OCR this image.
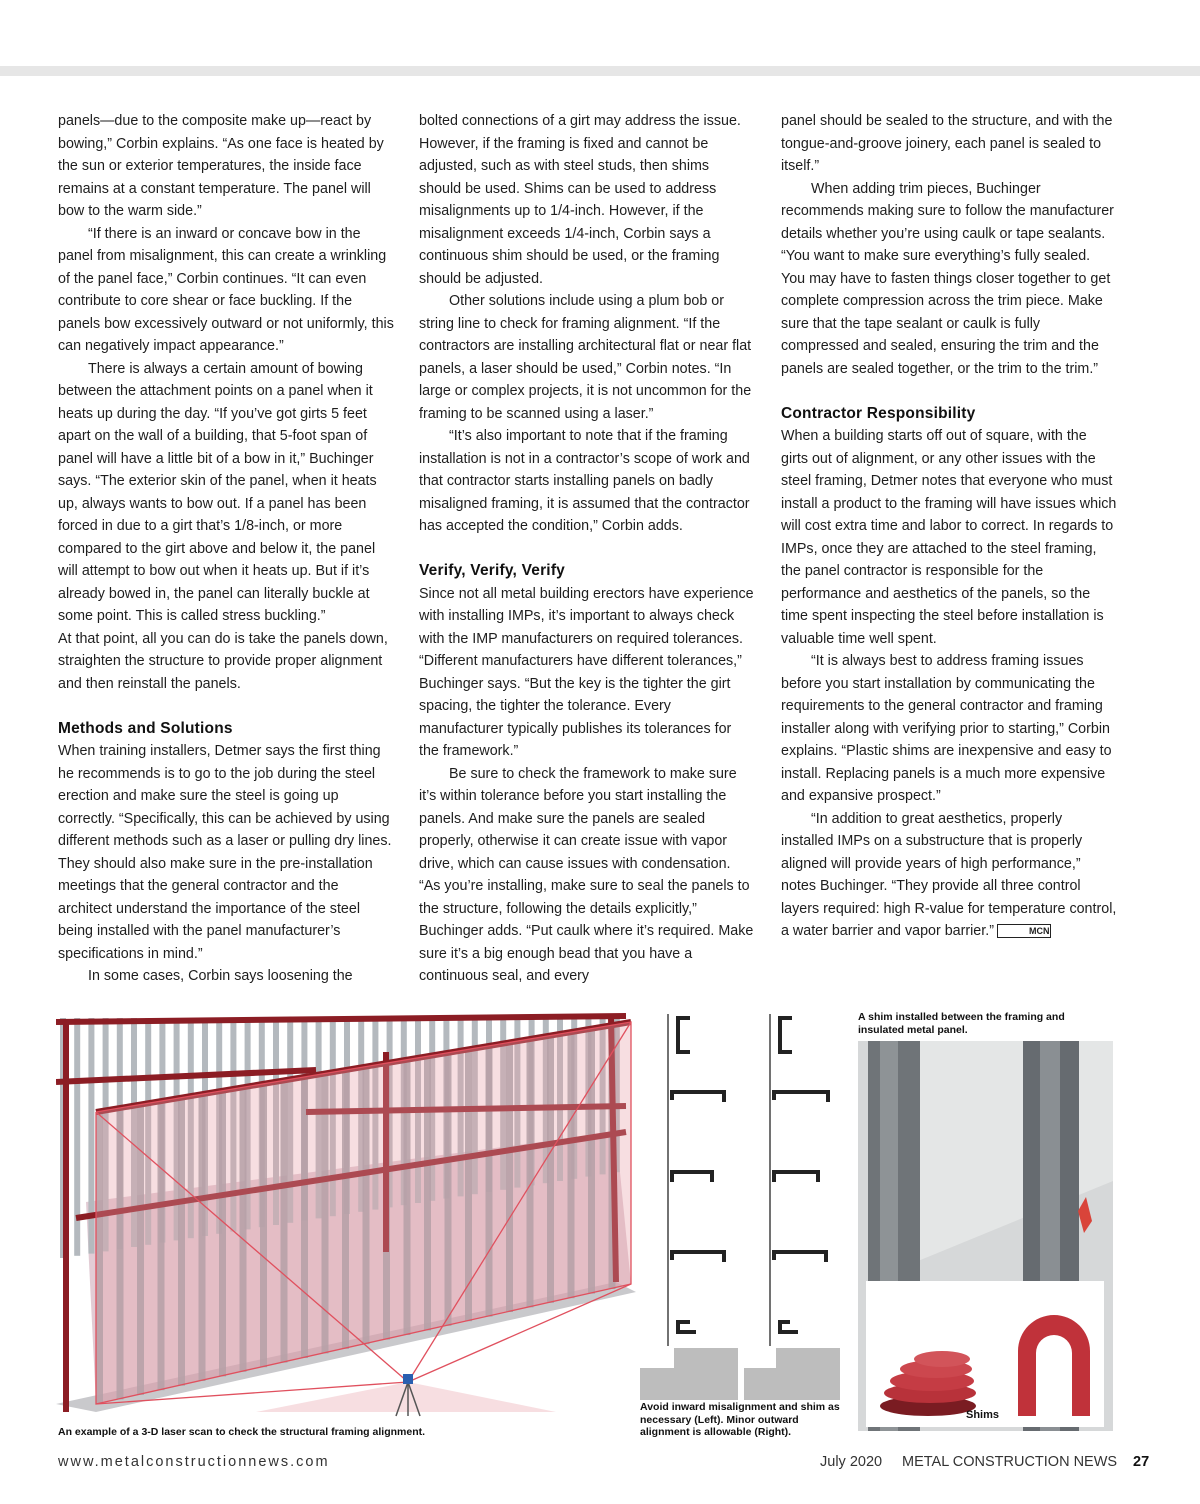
panels—due to the composite make up—react by bowing,” Corbin explains. “As one face is heated by the sun or exterior temperatures, the inside face remains at a constant temperature. The panel will bow to the warm side.”

“If there is an inward or concave bow in the panel from misalignment, this can create a wrinkling of the panel face,” Corbin continues. “It can even contribute to core shear or face buckling. If the panels bow excessively outward or not uniformly, this can negatively impact appearance.”

There is always a certain amount of bowing between the attachment points on a panel when it heats up during the day. “If you’ve got girts 5 feet apart on the wall of a building, that 5-foot span of panel will have a little bit of a bow in it,” Buchinger says. “The exterior skin of the panel, when it heats up, always wants to bow out. If a panel has been forced in due to a girt that’s 1/8-inch, or more compared to the girt above and below it, the panel will attempt to bow out when it heats up. But if it’s already bowed in, the panel can literally buckle at some point. This is called stress buckling.”

At that point, all you can do is take the panels down, straighten the structure to provide proper alignment and then reinstall the panels.

Methods and Solutions

When training installers, Detmer says the first thing he recommends is to go to the job during the steel erection and make sure the steel is going up correctly. “Specifically, this can be achieved by using different methods such as a laser or pulling dry lines. They should also make sure in the pre-installation meetings that the general contractor and the architect understand the importance of the steel being installed with the panel manufacturer’s specifications in mind.”

In some cases, Corbin says loosening the

bolted connections of a girt may address the issue. However, if the framing is fixed and cannot be adjusted, such as with steel studs, then shims should be used. Shims can be used to address misalignments up to 1/4-inch. However, if the misalignment exceeds 1/4-inch, Corbin says a continuous shim should be used, or the framing should be adjusted.

Other solutions include using a plum bob or string line to check for framing alignment. “If the contractors are installing architectural flat or near flat panels, a laser should be used,” Corbin notes. “In large or complex projects, it is not uncommon for the framing to be scanned using a laser.”

“It’s also important to note that if the framing installation is not in a contractor’s scope of work and that contractor starts installing panels on badly misaligned framing, it is assumed that the contractor has accepted the condition,” Corbin adds.

Verify, Verify, Verify

Since not all metal building erectors have experience with installing IMPs, it’s important to always check with the IMP manufacturers on required tolerances. “Different manufacturers have different tolerances,” Buchinger says. “But the key is the tighter the girt spacing, the tighter the tolerance. Every manufacturer typically publishes its tolerances for the framework.”

Be sure to check the framework to make sure it’s within tolerance before you start installing the panels. And make sure the panels are sealed properly, otherwise it can create issue with vapor drive, which can cause issues with condensation. “As you’re installing, make sure to seal the panels to the structure, following the details explicitly,” Buchinger adds. “Put caulk where it’s required. Make sure it’s a big enough bead that you have a continuous seal, and every

panel should be sealed to the structure, and with the tongue-and-groove joinery, each panel is sealed to itself.”

When adding trim pieces, Buchinger recommends making sure to follow the manufacturer details whether you’re using caulk or tape sealants. “You want to make sure everything’s fully sealed. You may have to fasten things closer together to get complete compression across the trim piece. Make sure that the tape sealant or caulk is fully compressed and sealed, ensuring the trim and the panels are sealed together, or the trim to the trim.”

Contractor Responsibility

When a building starts off out of square, with the girts out of alignment, or any other issues with the steel framing, Detmer notes that everyone who must install a product to the framing will have issues which will cost extra time and labor to correct. In regards to IMPs, once they are attached to the steel framing, the panel contractor is responsible for the performance and aesthetics of the panels, so the time spent inspecting the steel before installation is valuable time well spent.

“It is always best to address framing issues before you start installation by communicating the requirements to the general contractor and framing installer along with verifying prior to starting,” Corbin explains. “Plastic shims are inexpensive and easy to install. Replacing panels is a much more expensive and expansive prospect.”

“In addition to great aesthetics, properly installed IMPs on a substructure that is properly aligned will provide years of high performance,” notes Buchinger. “They provide all three control layers required: high R-value for temperature control, a water barrier and vapor barrier.”	MCN

An example of a 3-D laser scan to check the structural framing alignment.
Avoid inward misalignment and shim as necessary (Left). Minor outward alignment is allowable (Right).
A shim installed between the framing and insulated metal panel.
Shims
www.metalconstructionnews.com	July 2020 METAL CONSTRUCTION NEWS 27
